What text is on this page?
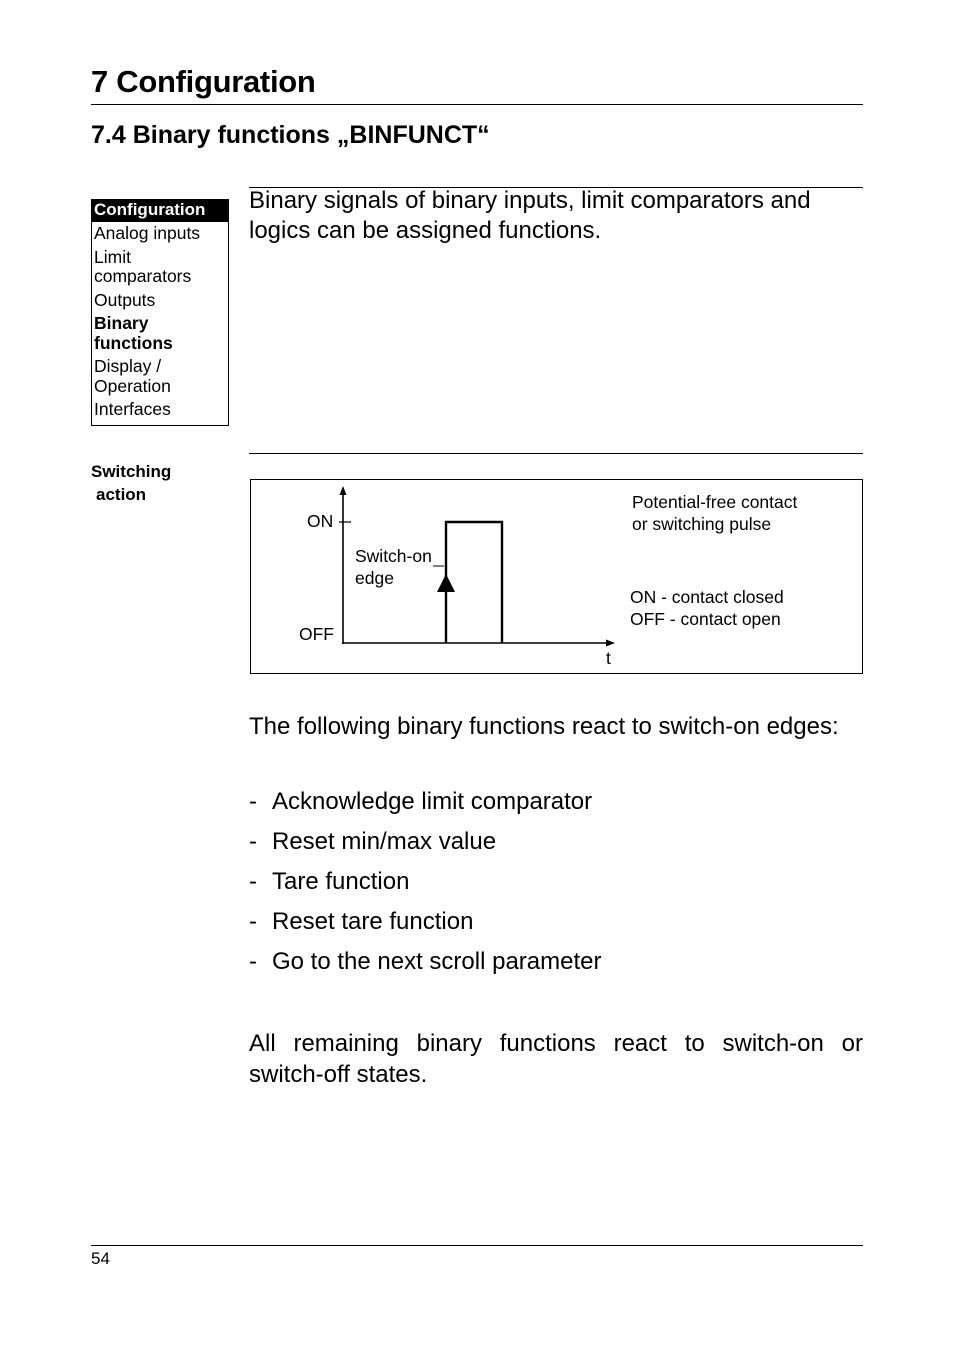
7 Configuration
7.4 Binary functions „BINFUNCT“
Configuration
Analog inputs
Limit comparators
Outputs
Binary functions
Display / Operation
Interfaces
Binary signals of binary inputs, limit comparators and logics can be assigned functions.
Switching
action
ON
OFF
t
Switch-on
edge
Potential-free contact
or switching pulse
ON - contact closed
OFF - contact open
The following binary functions react to switch-on edges:
- Acknowledge limit comparator
- Reset min/max value
- Tare function
- Reset tare function
- Go to the next scroll parameter
All remaining binary functions react to switch-on or switch-off states.
54
